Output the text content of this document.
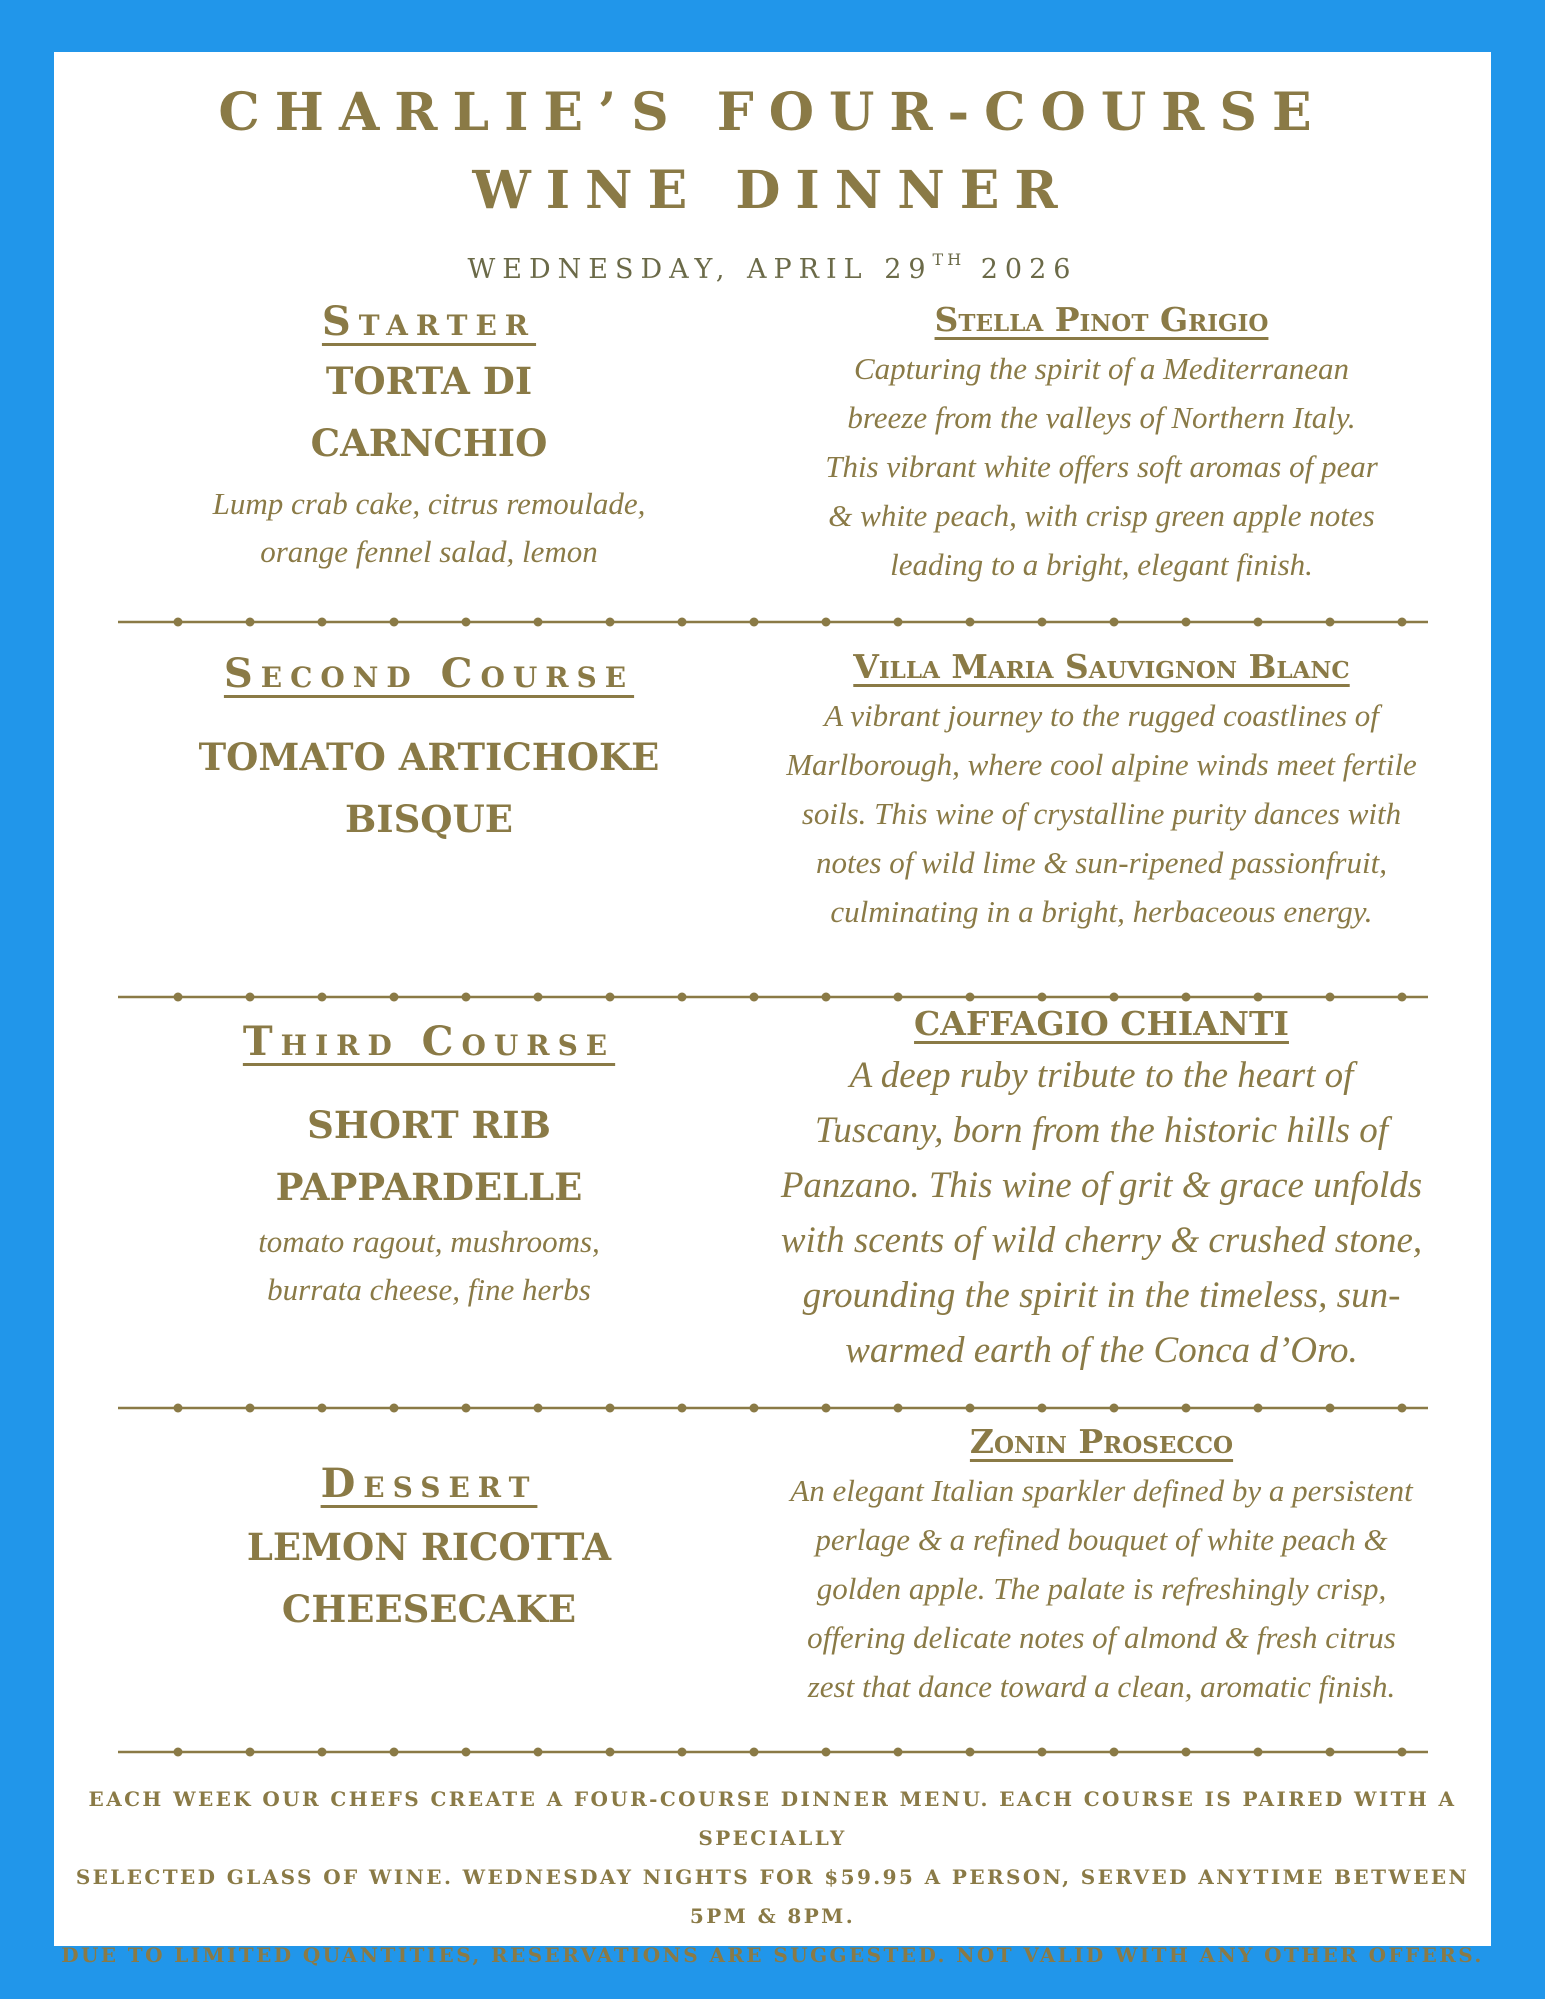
CHARLIE’S FOUR-COURSE
WINE DINNER
WEDNESDAY, APRIL 29TH 2026
Starter
TORTA DI
CARNCHIO
Lump crab cake, citrus remoulade,
orange fennel salad, lemon
Stella Pinot Grigio
Capturing the spirit of a Mediterranean
breeze from the valleys of Northern Italy.
This vibrant white offers soft aromas of pear
& white peach, with crisp green apple notes
leading to a bright, elegant finish.
Second Course
TOMATO ARTICHOKE
BISQUE
Villa Maria Sauvignon Blanc
A vibrant journey to the rugged coastlines of
Marlborough, where cool alpine winds meet fertile
soils. This wine of crystalline purity dances with
notes of wild lime & sun-ripened passionfruit,
culminating in a bright, herbaceous energy.
Third Course
SHORT RIB
PAPPARDELLE
tomato ragout, mushrooms,
burrata cheese, fine herbs
CAFFAGIO CHIANTI
A deep ruby tribute to the heart of
Tuscany, born from the historic hills of
Panzano. This wine of grit & grace unfolds
with scents of wild cherry & crushed stone,
grounding the spirit in the timeless, sun-
warmed earth of the Conca d’Oro.
Dessert
LEMON RICOTTA
CHEESECAKE
Zonin Prosecco
An elegant Italian sparkler defined by a persistent
perlage & a refined bouquet of white peach &
golden apple. The palate is refreshingly crisp,
offering delicate notes of almond & fresh citrus
zest that dance toward a clean, aromatic finish.
EACH WEEK OUR CHEFS CREATE A FOUR-COURSE DINNER MENU. EACH COURSE IS PAIRED WITH A SPECIALLY
SELECTED GLASS OF WINE. WEDNESDAY NIGHTS FOR $59.95 A PERSON, SERVED ANYTIME BETWEEN 5PM & 8PM.
DUE TO LIMITED QUANTITIES, RESERVATIONS ARE SUGGESTED. NOT VALID WITH ANY OTHER OFFERS.
